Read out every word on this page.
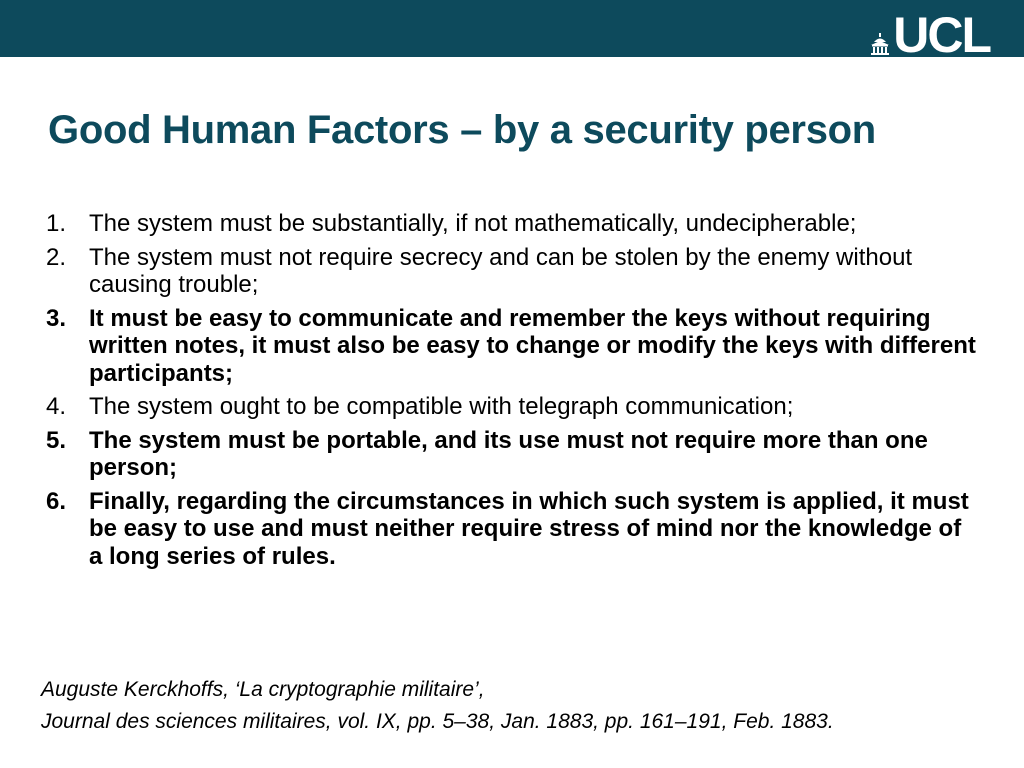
UCL
Good Human Factors – by a security person
1. The system must be substantially, if not mathematically, undecipherable;
2. The system must not require secrecy and can be stolen by the enemy without causing trouble;
3. It must be easy to communicate and remember the keys without requiring written notes, it must also be easy to change or modify the keys with different participants;
4. The system ought to be compatible with telegraph communication;
5. The system must be portable, and its use must not require more than one person;
6. Finally, regarding the circumstances in which such system is applied, it must be easy to use and must neither require stress of mind nor the knowledge of a long series of rules.
Auguste Kerckhoffs, ‘La cryptographie militaire’,
Journal des sciences militaires, vol. IX, pp. 5–38, Jan. 1883, pp. 161–191, Feb. 1883.
